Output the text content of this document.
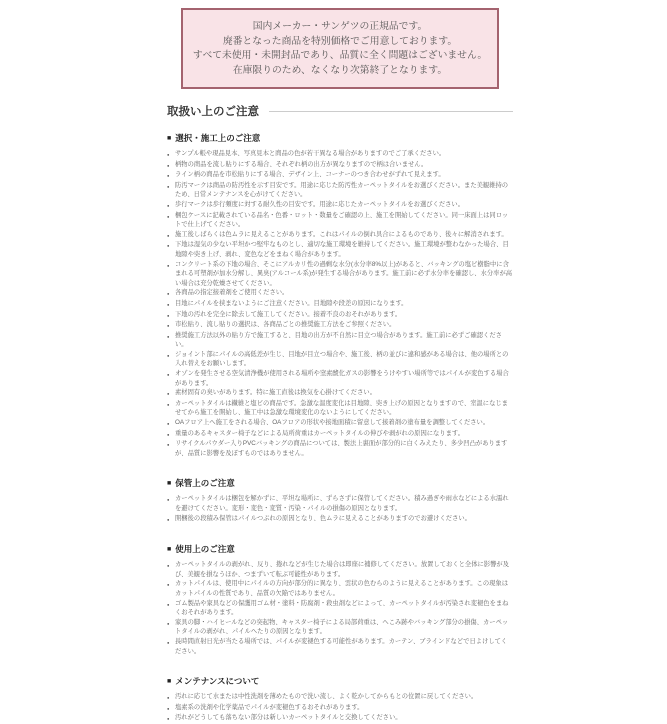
国内メーカー・サンゲツの正規品です。

廃番となった商品を特別価格でご用意しております。

すべて未使用・未開封品であり、品質に全く問題はございません。

在庫限りのため、なくなり次第終了となります。

取扱い上のご注意
■ 選択・施工上のご注意
● サンプル帳や現品見本、写真見本と商品の色が若干異なる場合がありますのでご了承ください。
● 柄物の商品を流し貼りにする場合、それぞれ柄の出方が異なりますので柄は合いません。
● ライン柄の商品を市松貼りにする場合、デザイン上、コーナーのつき合わせがずれて見えます。
● 防汚マークは商品の防汚性を示す目安です。用途に応じた防汚性カーペットタイルをお選びください。また美観維持のため、日常メンテナンスを心がけてください。
● 歩行マークは歩行頻度に対する耐久性の目安です。用途に応じたカーペットタイルをお選びください。
● 梱包ケースに記載されている品名・色番・ロット・数量をご確認の上、施工を開始してください。同一床面上は同ロットで仕上げてください。
● 施工後しばらくは色ムラに見えることがあります。これはパイルの倒れ具合によるものであり、後々に解消されます。
● 下地は湿気の少ない平坦かつ堅牢なものとし、適切な施工環境を維持してください。施工環境が整わなかった場合、目地隙や突き上げ、剥れ、変色などをまねく場合があります。
● コンクリート系の下地の場合、そこにアルカリ性の過剰な水分(水分率8%以上)があると、バッキングの塩ビ樹脂中に含まれる可塑剤が加水分解し、異臭(アルコール系)が発生する場合があります。施工前に必ず水分率を確認し、水分率が高い場合は充分乾燥させてください。
● 各商品の指定接着剤をご使用ください。
● 目地にパイルを挟まないようにご注意ください。目地隙や段差の原因になります。
● 下地の汚れを完全に除去して施工してください。接着不良のおそれがあります。
● 市松貼り、流し貼りの選択は、各商品ごとの推奨施工方法をご参照ください。
● 推奨施工方法以外の貼り方で施工すると、目地の出方が不自然に目立つ場合があります。施工前に必ずご確認ください。
● ジョイント部にパイルの高低差が生じ、目地が目立つ場合や、施工後、柄の並びに違和感がある場合は、他の場所との入れ替えをお願いします。
● オゾンを発生させる空気清浄機が使用される場所や窒素酸化ガスの影響をうけやすい場所等ではパイルが変色する場合があります。
● 素材固有の臭いがあります。特に施工直後は換気を心掛けてください。
● カーペットタイルは繊維と塩ビの商品です。急激な温度変化は目地隙、突き上げの原因となりますので、室温になじませてから施工を開始し、施工中は急激な環境変化のないようにしてください。
● OAフロア上へ施工をされる場合、OAフロアの形状や接地面積に留意して接着剤の塗布量を調整してください。
● 重量のあるキャスター椅子などによる局所荷重はカーペットタイルの伸びや剥がれの原因になります。
● リサイクルパウダー入りPVCバッキングの商品については、製法上裏面が部分的に白くみえたり、多少凹凸がありますが、品質に影響を及ぼすものではありません。
■ 保管上のご注意
● カーペットタイルは梱包を解かずに、平坦な場所に、ずらさずに保管してください。積み過ぎや雨水などによる水濡れを避けてください。変形・変色・変質・汚染・パイルの損傷の原因となります。
● 開梱後の段積み保管はパイルつぶれの原因となり、色ムラに見えることがありますのでお避けください。
■ 使用上のご注意
● カーペットタイルの剥がれ、反り、捲れなどが生じた場合は即座に補修してください。放置しておくと全体に影響が及び、美観を損なうほか、つまずいて転ぶ可能性があります。
● カットパイルは、使用中にパイルの方向が部分的に異なり、雲状の色むらのように見えることがあります。この現象はカットパイルの性質であり、品質の欠陥ではありません。
● ゴム製品や家具などの保護用ゴム材・塗料・防腐剤・殺虫剤などによって、カーペットタイルが汚染され変褪色をまねくおそれがあります。
● 家具の脚・ハイヒールなどの突起物、キャスター椅子による局部荷重は、へこみ跡やバッキング部分の損傷、カーペットタイルの剥がれ、パイルへたりの原因となります。
● 長時間直射日光が当たる場所では、パイルが変褪色する可能性があります。カーテン、ブラインドなどで日よけしてください。
■ メンテナンスについて
● 汚れに応じて水または中性洗剤を薄めたもので洗い流し、よく乾かしてからもとの位置に戻してください。
● 塩素系の洗剤や化学薬品でパイルが変褪色するおそれがあります。
● 汚れがどうしても落ちない部分は新しいカーペットタイルと交換してください。
